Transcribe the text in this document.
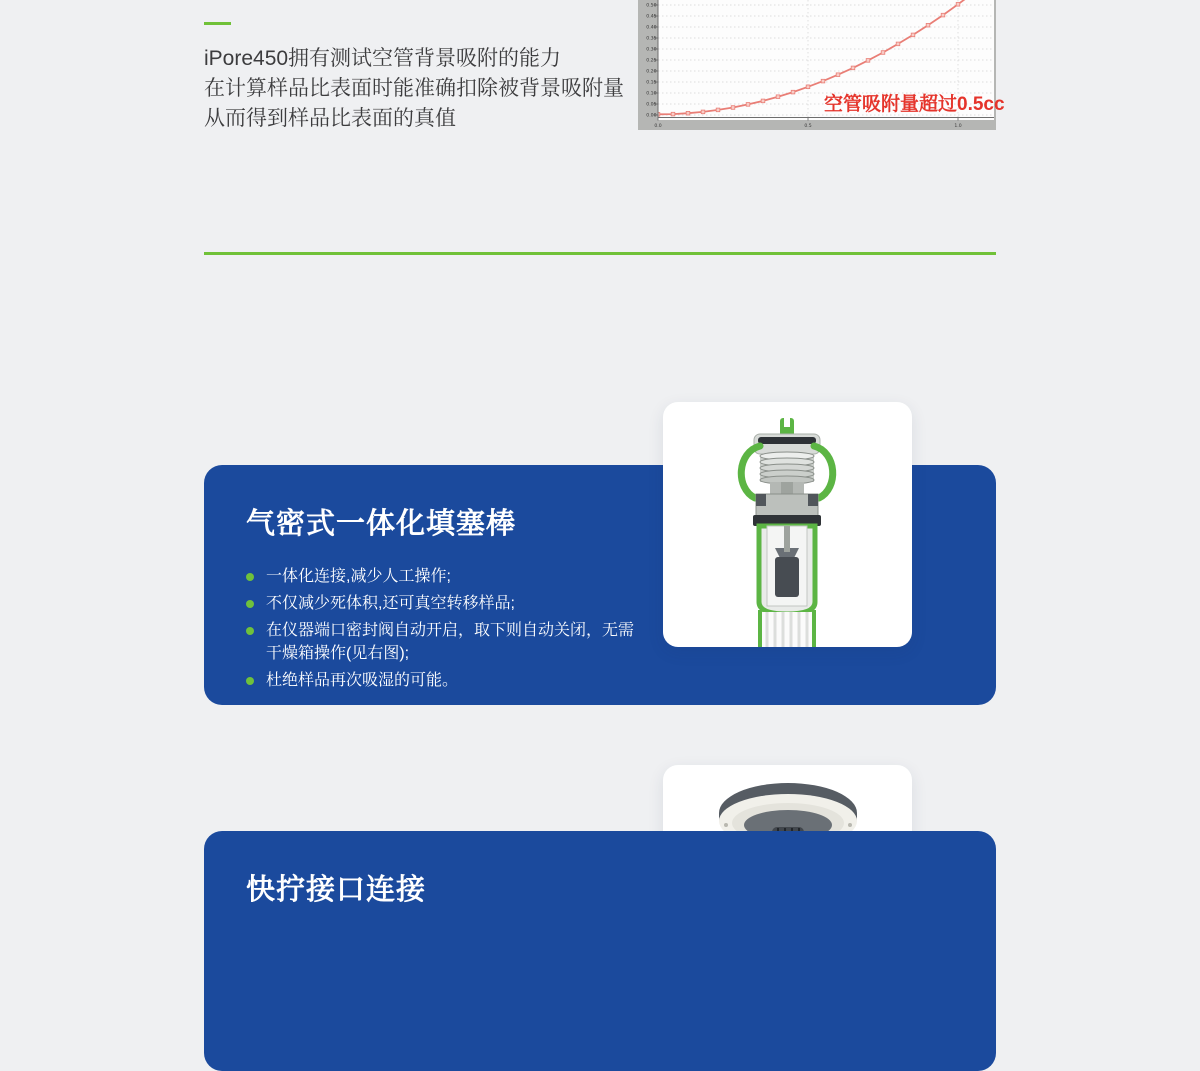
iPore450拥有测试空管背景吸附的能力
在计算样品比表面时能准确扣除被背景吸附量
从而得到样品比表面的真值	0.00
0.05
0.10
0.15
0.20
0.25
0.30
0.35
0.40
0.45
0.50
0.0	0.5	1.0
空管吸附量超过0.5cc
气密式一体化填塞棒
一体化连接,减少人工操作;
不仅减少死体积,还可真空转移样品;
在仪器端口密封阀自动开启，取下则自动关闭，无需干燥箱操作(见右图);
杜绝样品再次吸湿的可能。
快拧接口连接
